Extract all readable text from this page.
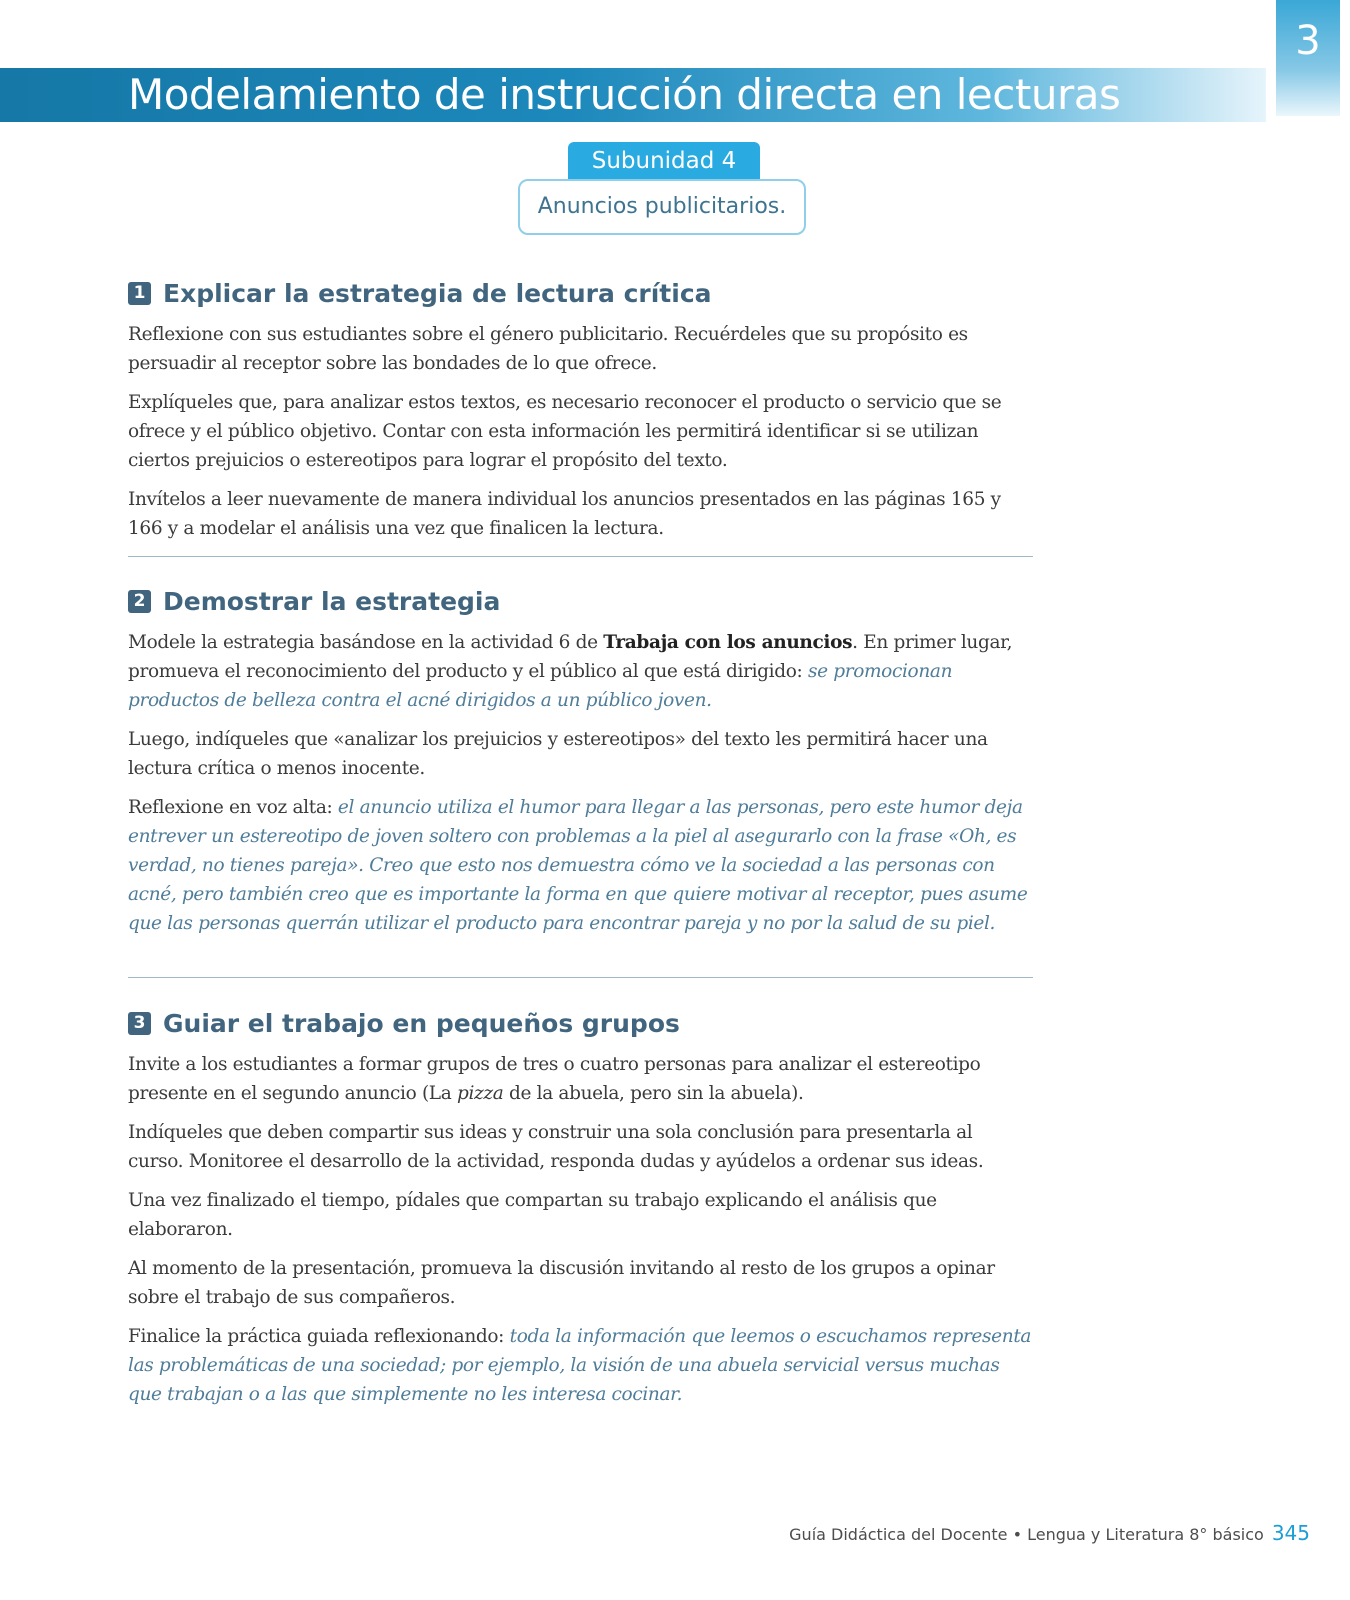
Modelamiento de instrucción directa en lecturas
3
Subunidad 4
Anuncios publicitarios.
1 Explicar la estrategia de lectura crítica

Reflexione con sus estudiantes sobre el género publicitario. Recuérdeles que su propósito es persuadir al receptor sobre las bondades de lo que ofrece.

Explíqueles que, para analizar estos textos, es necesario reconocer el producto o servicio que se ofrece y el público objetivo. Contar con esta información les permitirá identificar si se utilizan ciertos prejuicios o estereotipos para lograr el propósito del texto.

Invítelos a leer nuevamente de manera individual los anuncios presentados en las páginas 165 y 166 y a modelar el análisis una vez que finalicen la lectura.

2 Demostrar la estrategia

Modele la estrategia basándose en la actividad 6 de Trabaja con los anuncios. En primer lugar, promueva el reconocimiento del producto y el público al que está dirigido: se promocionan productos de belleza contra el acné dirigidos a un público joven.

Luego, indíqueles que «analizar los prejuicios y estereotipos» del texto les permitirá hacer una lectura crítica o menos inocente.

Reflexione en voz alta: el anuncio utiliza el humor para llegar a las personas, pero este humor deja entrever un estereotipo de joven soltero con problemas a la piel al asegurarlo con la frase «Oh, es verdad, no tienes pareja». Creo que esto nos demuestra cómo ve la sociedad a las personas con acné, pero también creo que es importante la forma en que quiere motivar al receptor, pues asume que las personas querrán utilizar el producto para encontrar pareja y no por la salud de su piel.

3 Guiar el trabajo en pequeños grupos

Invite a los estudiantes a formar grupos de tres o cuatro personas para analizar el estereotipo presente en el segundo anuncio (La pizza de la abuela, pero sin la abuela).

Indíqueles que deben compartir sus ideas y construir una sola conclusión para presentarla al curso. Monitoree el desarrollo de la actividad, responda dudas y ayúdelos a ordenar sus ideas.

Una vez finalizado el tiempo, pídales que compartan su trabajo explicando el análisis que elaboraron.

Al momento de la presentación, promueva la discusión invitando al resto de los grupos a opinar sobre el trabajo de sus compañeros.

Finalice la práctica guiada reflexionando: toda la información que leemos o escuchamos representa las problemáticas de una sociedad; por ejemplo, la visión de una abuela servicial versus muchas que trabajan o a las que simplemente no les interesa cocinar.

Guía Didáctica del Docente • Lengua y Literatura 8° básico 345
